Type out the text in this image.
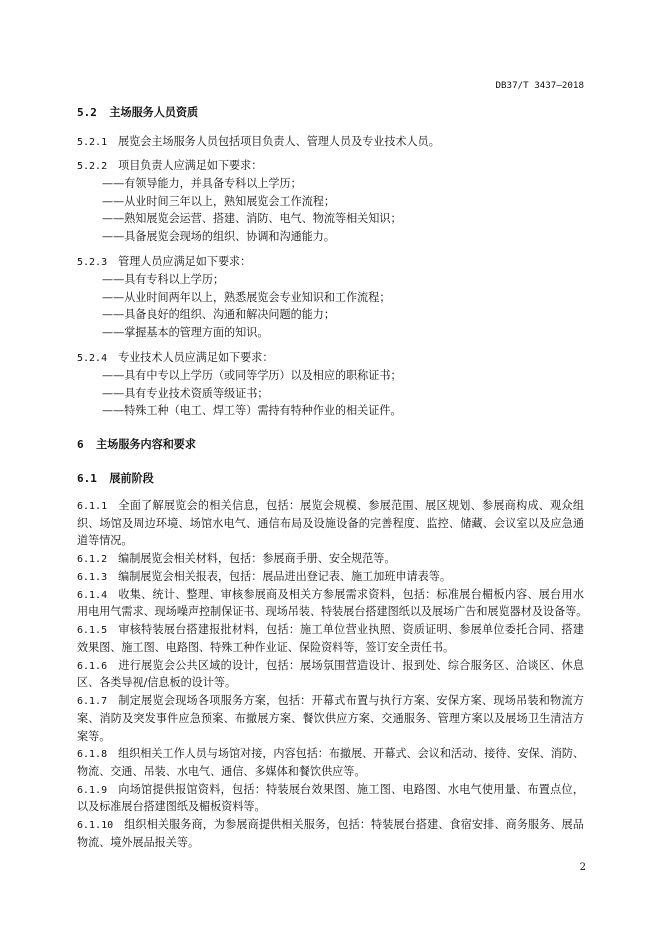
DB37/T 3437—2018
5.2 主场服务人员资质
5.2.1 展览会主场服务人员包括项目负责人、管理人员及专业技术人员。
5.2.2 项目负责人应满足如下要求：
——有领导能力，并具备专科以上学历；
——从业时间三年以上，熟知展览会工作流程；
——熟知展览会运营、搭建、消防、电气、物流等相关知识；
——具备展览会现场的组织、协调和沟通能力。
5.2.3 管理人员应满足如下要求：
——具有专科以上学历；
——从业时间两年以上，熟悉展览会专业知识和工作流程；
——具备良好的组织、沟通和解决问题的能力；
——掌握基本的管理方面的知识。
5.2.4 专业技术人员应满足如下要求：
——具有中专以上学历（或同等学历）以及相应的职称证书；
——具有专业技术资质等级证书；
——特殊工种（电工、焊工等）需持有特种作业的相关证件。
6 主场服务内容和要求
6.1 展前阶段
6.1.1 全面了解展览会的相关信息，包括：展览会规模、参展范围、展区规划、参展商构成、观众组
织、场馆及周边环境、场馆水电气、通信布局及设施设备的完善程度、监控、储藏、会议室以及应急通
道等情况。
6.1.2 编制展览会相关材料，包括：参展商手册、安全规范等。
6.1.3 编制展览会相关报表，包括：展品进出登记表、施工加班申请表等。
6.1.4 收集、统计、整理、审核参展商及相关方参展需求资料，包括：标准展台楣板内容、展台用水
用电用气需求、现场噪声控制保证书、现场吊装、特装展台搭建图纸以及展场广告和展览器材及设备等。
6.1.5 审核特装展台搭建报批材料，包括：施工单位营业执照、资质证明、参展单位委托合同、搭建
效果图、施工图、电路图、特殊工种作业证、保险资料等，签订安全责任书。
6.1.6 进行展览会公共区域的设计，包括：展场氛围营造设计、报到处、综合服务区、洽谈区、休息
区、各类导视/信息板的设计等。
6.1.7 制定展览会现场各项服务方案，包括：开幕式布置与执行方案、安保方案、现场吊装和物流方
案、消防及突发事件应急预案、布撤展方案、餐饮供应方案、交通服务、管理方案以及展场卫生清洁方
案等。
6.1.8 组织相关工作人员与场馆对接，内容包括：布撤展、开幕式、会议和活动、接待、安保、消防、
物流、交通、吊装、水电气、通信、多媒体和餐饮供应等。
6.1.9 向场馆提供报馆资料，包括：特装展台效果图、施工图、电路图、水电气使用量、布置点位，
以及标准展台搭建图纸及楣板资料等。
6.1.10 组织相关服务商，为参展商提供相关服务，包括：特装展台搭建、食宿安排、商务服务、展品
物流、境外展品报关等。
2
